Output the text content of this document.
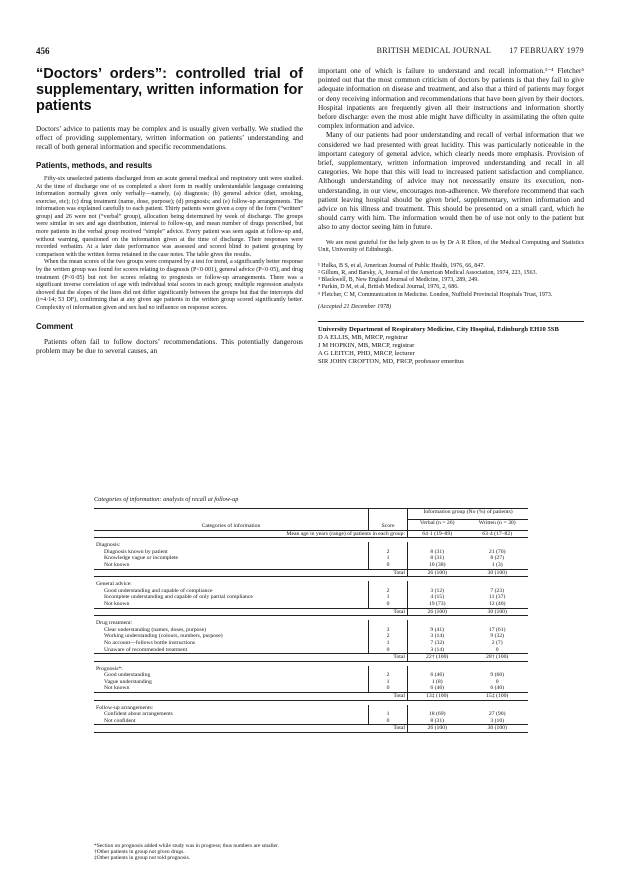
456	BRITISH MEDICAL JOURNAL 17 FEBRUARY 1979
“Doctors’ orders”: controlled trial of supplementary, written information for patients

Doctors’ advice to patients may be complex and is usually given verbally. We studied the effect of providing supplementary, written information on patients’ understanding and recall of both general information and specific recommendations.

Patients, methods, and results

Fifty-six unselected patients discharged from an acute general medical and respiratory unit were studied. At the time of discharge one of us completed a short form in readily understandable language containing information normally given only verbally—namely, (a) diagnosis; (b) general advice (diet, smoking, exercise, etc); (c) drug treatment (name, dose, purpose); (d) prognosis; and (e) follow-up arrangements. The information was explained carefully to each patient. Thirty patients were given a copy of the form (“written” group) and 26 were not (“verbal” group), allocation being determined by week of discharge. The groups were similar in sex and age distribution, interval to follow-up, and mean number of drugs prescribed, but more patients in the verbal group received “simple” advice. Every patient was seen again at follow-up and, without warning, questioned on the information given at the time of discharge. Their responses were recorded verbatim. At a later date performance was assessed and scored blind to patient grouping by comparison with the written forms retained in the case notes. The table gives the results.

When the mean scores of the two groups were compared by a test for trend, a significantly better response by the written group was found for scores relating to diagnosis (P<0·001), general advice (P<0·05), and drug treatment (P<0·05) but not for scores relating to prognosis or follow-up arrangements. There was a significant inverse correlation of age with individual total scores in each group; multiple regression analysis showed that the slopes of the lines did not differ significantly between the groups but that the intercepts did (t=4·14; 53 DF), confirming that at any given age patients in the written group scored significantly better. Complexity of information given and sex had no influence on response scores.

Comment

Patients often fail to follow doctors’ recommendations. This potentially dangerous problem may be due to several causes, an

important one of which is failure to understand and recall information.¹⁻⁴ Fletcher⁵ pointed out that the most common criticism of doctors by patients is that they fail to give adequate information on disease and treatment, and also that a third of patients may forget or deny receiving information and recommendations that have been given by their doctors. Hospital inpatients are frequently given all their instructions and information shortly before discharge: even the most able might have difficulty in assimilating the often quite complex information and advice.

Many of our patients had poor understanding and recall of verbal information that we considered we had presented with great lucidity. This was particularly noticeable in the important category of general advice, which clearly needs more emphasis. Provision of brief, supplementary, written information improved understanding and recall in all categories. We hope that this will lead to increased patient satisfaction and compliance. Although understanding of advice may not necessarily ensure its execution, non-understanding, in our view, encourages non-adherence. We therefore recommend that each patient leaving hospital should be given brief, supplementary, written information and advice on his illness and treatment. This should be presented on a small card, which he should carry with him. The information would then be of use not only to the patient but also to any doctor seeing him in future.

We are most grateful for the help given to us by Dr A R Elton, of the Medical Computing and Statistics Unit, University of Edinburgh.

¹ Hulka, B S, et al, American Journal of Public Health, 1976, 66, 847.
² Gillum, R, and Barsky, A, Journal of the American Medical Association, 1974, 223, 1563.
³ Blackwell, B, New England Journal of Medicine, 1973, 289, 249.
⁴ Parkin, D M, et al, British Medical Journal, 1976, 2, 686.
⁵ Fletcher, C M, Communication in Medicine. London, Nuffield Provincial Hospitals Trust, 1973.
(Accepted 21 December 1978)
University Department of Respiratory Medicine, City Hospital, Edinburgh EH10 5SB
D A ELLIS, MB, MRCP, registrar
J M HOPKIN, MB, MRCP, registrar
A G LEITCH, PHD, MRCP, lecturer
SIR JOHN CROFTON, MD, FRCP, professor emeritus
Categories of information: analysis of recall at follow-up
Categories of information	Score	Information group (No (%) of patients)	
		Verbal (n = 26)	Written (n = 30)
Mean age in years (range) of patients in each group:		64·1 (19–89)	63·4 (17–82)

Diagnosis:			
Diagnosis known by patient	2	8 (31)	21 (70)
Knowledge vague or incomplete	1	8 (31)	8 (27)
Not known	0	10 (38)	1 (3)
Total		26 (100)	30 (100)

General advice:			
Good understanding and capable of compliance	2	3 (12)	7 (23)
Incomplete understanding and capable of only partial compliance	1	4 (15)	11 (37)
Not known	0	19 (73)	12 (40)
Total		26 (100)	30 (100)

Drug treatment:			
Clear understanding (names, doses, purpose)	3	9 (41)	17 (61)
Working understanding (colours, numbers, purpose)	2	3 (14)	9 (32)
No account—follows bottle instructions	1	7 (32)	2 (7)
Unaware of recommended treatment	0	3 (14)	0
Total		22† (100)	28† (100)

Prognosis*:			
Good understanding	2	6 (46)	9 (60)
Vague understanding	1	1 (8)	0
Not known	0	6 (46)	6 (40)
Total		13‡ (100)	15‡ (100)

Follow-up arrangements:			
Confident about arrangements	1	18 (69)	27 (90)
Not confident	0	8 (31)	3 (10)
Total		26 (100)	30 (100)
*Section on prognosis added while study was in progress; thus numbers are smaller.
†Other patients in group not given drugs.
‡Other patients in group not told prognosis.
